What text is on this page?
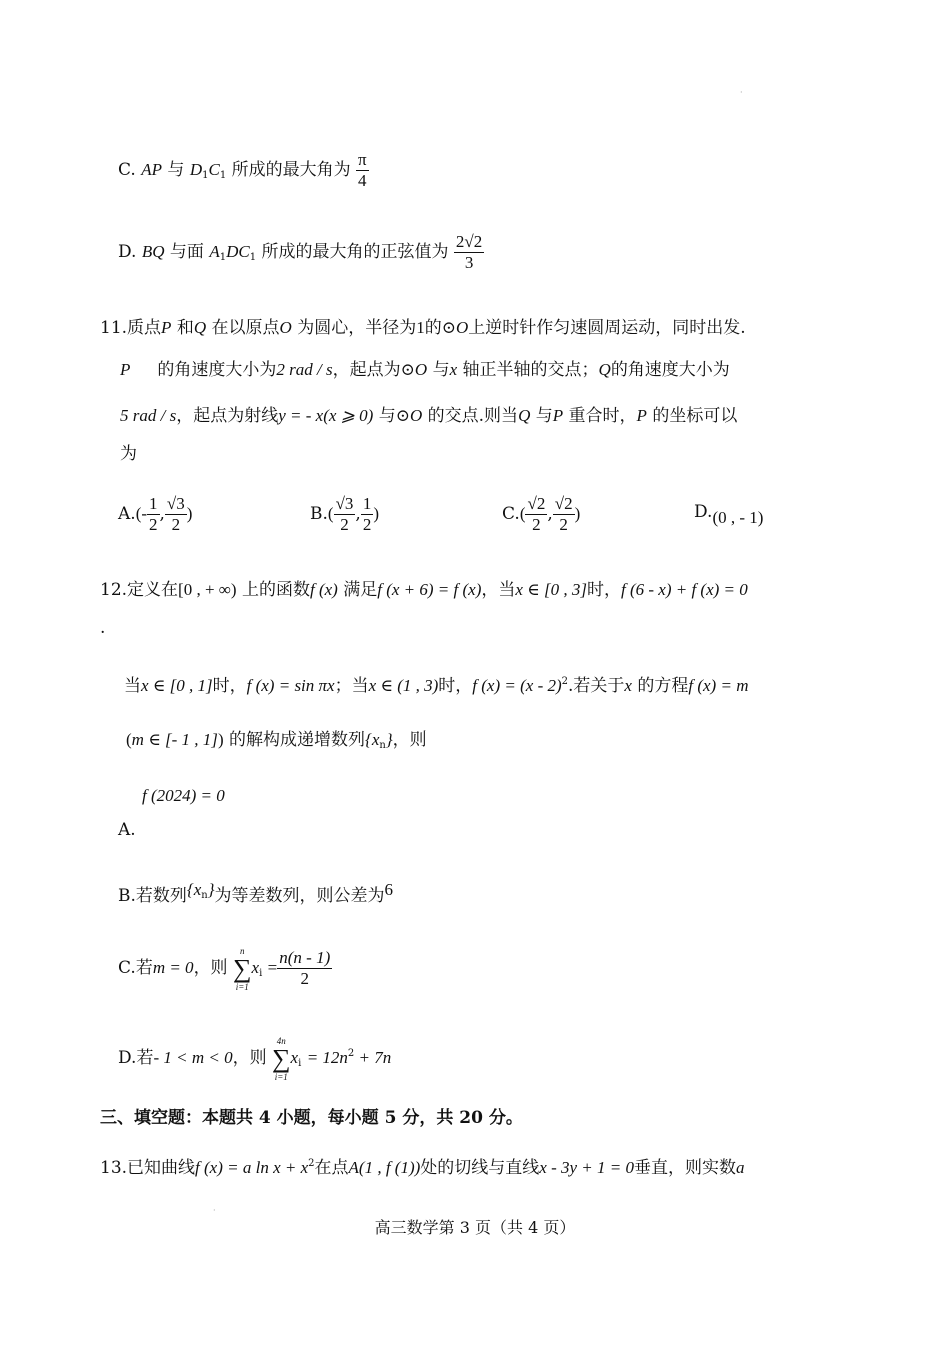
·
·
C. AP 与 $D_1C_1$ 所成的最大角为 $\frac{\pi}{4}$
D. BQ 与面 $A_1DC_1$ 所成的最大角的正弦值为 $\frac{2√2}{3}$
11.质点P 和Q 在以原点O 为圆心，半径为1的⊙O上逆时针作匀速圆周运动，同时出发.
P 的角速度大小为2 rad / s，起点为⊙O 与x 轴正半轴的交点；Q的角速度大小为
5 rad / s，起点为射线y = - x(x ⩾ 0) 与⊙O 的交点.则当Q 与P 重合时，P 的坐标可以
为
$A.(- \frac{1}{2}$ , $\frac{√3}{2}$ )	$B.( \frac{√3}{2}$ , $\frac{1}{2}$ )	$C.( \frac{√2}{2}$ , $\frac{√2}{2}$ )	D.(0 , - 1)
12.定义在[0 , + ∞) 上的函数f (x) 满足f (x + 6) = f (x)，当x ∈ [0 , 3]时，f (6 - x) + f (x) = 0
.
当x ∈ [0 , 1]时，f (x) = sin πx；当x ∈ (1 , 3)时，f (x) = (x - 2)$^2$.若关于x 的方程f (x) = m
(m ∈ [- 1 , 1]) 的解构成递增数列$\{x_n\}$，则
f (2024) = 0
A.
B.若数列$\{x_n\}$为等差数列，则公差为6
C.若m = 0，则
n
∑
i=1
$x_i = \frac{n(n - 1)}{2}$
D.若- 1 < m < 0，则
4n
∑
i=1
$x_i = 12n^2 + 7n$
三、填空题：本题共 4 小题，每小题 5 分，共 20 分。
13.已知曲线f (x) = a $\ln x + x^2$在点A(1 , f (1))处的切线与直线x - 3y + 1 = 0垂直，则实数a
高三数学第 3 页（共 4 页）
